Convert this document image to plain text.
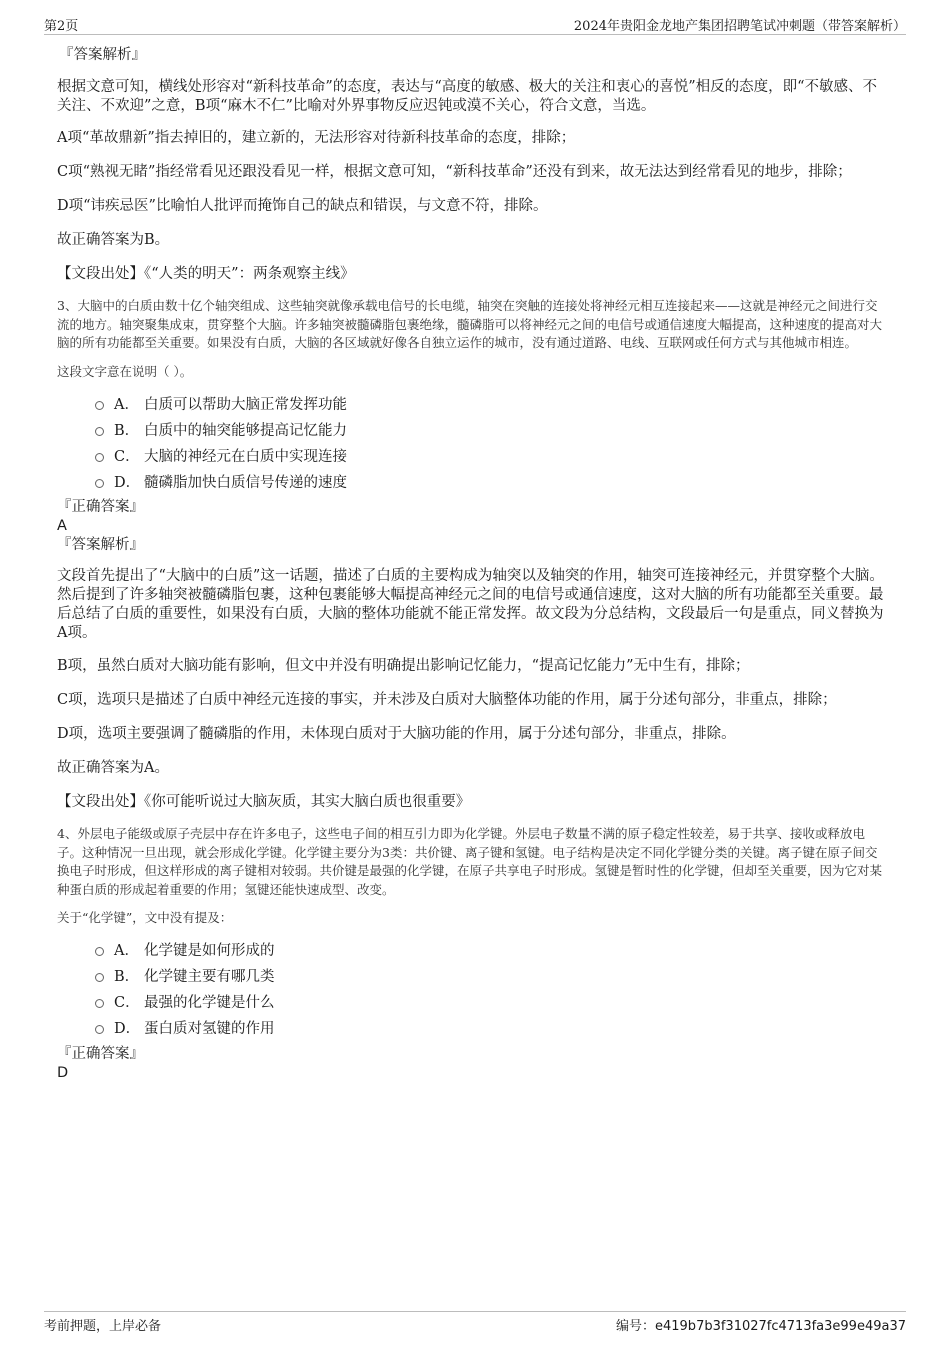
第2页	2024年贵阳金龙地产集团招聘笔试冲刺题（带答案解析）
『答案解析』

根据文意可知，横线处形容对“新科技革命”的态度，表达与“高度的敏感、极大的关注和衷心的喜悦”相反的态度，即“不敏感、不关注、不欢迎”之意，B项“麻木不仁”比喻对外界事物反应迟钝或漠不关心，符合文意，当选。

A项“革故鼎新”指去掉旧的，建立新的，无法形容对待新科技革命的态度，排除；

C项“熟视无睹”指经常看见还跟没看见一样，根据文意可知，“新科技革命”还没有到来，故无法达到经常看见的地步，排除；

D项“讳疾忌医”比喻怕人批评而掩饰自己的缺点和错误，与文意不符，排除。

故正确答案为B。

【文段出处】《“人类的明天”：两条观察主线》

3、大脑中的白质由数十亿个轴突组成、这些轴突就像承载电信号的长电缆，轴突在突触的连接处将神经元相互连接起来——这就是神经元之间进行交流的地方。轴突聚集成束，贯穿整个大脑。许多轴突被髓磷脂包裹绝缘，髓磷脂可以将神经元之间的电信号或通信速度大幅提高，这种速度的提高对大脑的所有功能都至关重要。如果没有白质，大脑的各区域就好像各自独立运作的城市，没有通过道路、电线、互联网或任何方式与其他城市相连。

这段文字意在说明（ ）。

A． 白质可以帮助大脑正常发挥功能
B． 白质中的轴突能够提高记忆能力
C． 大脑的神经元在白质中实现连接
D． 髓磷脂加快白质信号传递的速度
『正确答案』
A
『答案解析』

文段首先提出了“大脑中的白质”这一话题，描述了白质的主要构成为轴突以及轴突的作用，轴突可连接神经元，并贯穿整个大脑。然后提到了许多轴突被髓磷脂包裹，这种包裹能够大幅提高神经元之间的电信号或通信速度，这对大脑的所有功能都至关重要。最后总结了白质的重要性，如果没有白质，大脑的整体功能就不能正常发挥。故文段为分总结构，文段最后一句是重点，同义替换为A项。

B项，虽然白质对大脑功能有影响，但文中并没有明确提出影响记忆能力，“提高记忆能力”无中生有，排除；

C项，选项只是描述了白质中神经元连接的事实，并未涉及白质对大脑整体功能的作用，属于分述句部分，非重点，排除；

D项，选项主要强调了髓磷脂的作用，未体现白质对于大脑功能的作用，属于分述句部分，非重点，排除。

故正确答案为A。

【文段出处】《你可能听说过大脑灰质，其实大脑白质也很重要》

4、外层电子能级或原子壳层中存在许多电子，这些电子间的相互引力即为化学键。外层电子数量不满的原子稳定性较差，易于共享、接收或释放电子。这种情况一旦出现，就会形成化学键。化学键主要分为3类：共价键、离子键和氢键。电子结构是决定不同化学键分类的关键。离子键在原子间交换电子时形成，但这样形成的离子键相对较弱。共价键是最强的化学键，在原子共享电子时形成。氢键是暂时性的化学键，但却至关重要，因为它对某种蛋白质的形成起着重要的作用；氢键还能快速成型、改变。

关于“化学键”，文中没有提及：

A． 化学键是如何形成的
B． 化学键主要有哪几类
C． 最强的化学键是什么
D． 蛋白质对氢键的作用
『正确答案』
D
考前押题，上岸必备	编号：e419b7b3f31027fc4713fa3e99e49a37
